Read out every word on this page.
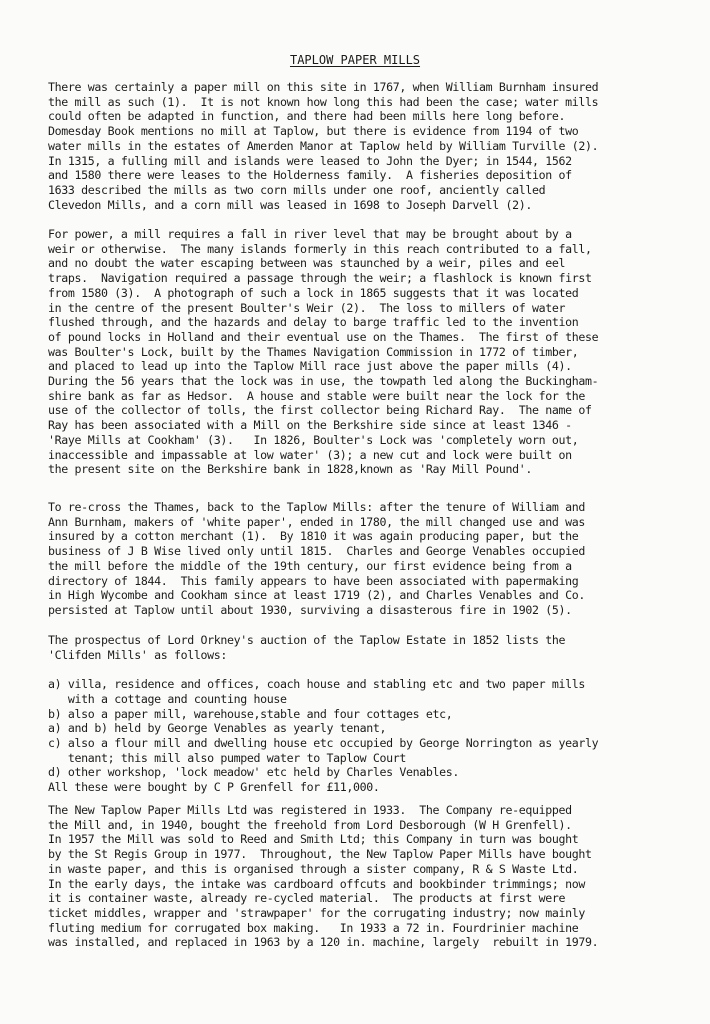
TAPLOW PAPER MILLS
There was certainly a paper mill on this site in 1767, when William Burnham insured
the mill as such (1).  It is not known how long this had been the case; water mills
could often be adapted in function, and there had been mills here long before.
Domesday Book mentions no mill at Taplow, but there is evidence from 1194 of two
water mills in the estates of Amerden Manor at Taplow held by William Turville (2).
In 1315, a fulling mill and islands were leased to John the Dyer; in 1544, 1562
and 1580 there were leases to the Holderness family.  A fisheries deposition of
1633 described the mills as two corn mills under one roof, anciently called
Clevedon Mills, and a corn mill was leased in 1698 to Joseph Darvell (2).
For power, a mill requires a fall in river level that may be brought about by a
weir or otherwise.  The many islands formerly in this reach contributed to a fall,
and no doubt the water escaping between was staunched by a weir, piles and eel
traps.  Navigation required a passage through the weir; a flashlock is known first
from 1580 (3).  A photograph of such a lock in 1865 suggests that it was located
in the centre of the present Boulter's Weir (2).  The loss to millers of water
flushed through, and the hazards and delay to barge traffic led to the invention
of pound locks in Holland and their eventual use on the Thames.  The first of these
was Boulter's Lock, built by the Thames Navigation Commission in 1772 of timber,
and placed to lead up into the Taplow Mill race just above the paper mills (4).
During the 56 years that the lock was in use, the towpath led along the Buckingham-
shire bank as far as Hedsor.  A house and stable were built near the lock for the
use of the collector of tolls, the first collector being Richard Ray.  The name of
Ray has been associated with a Mill on the Berkshire side since at least 1346 -
'Raye Mills at Cookham' (3).   In 1826, Boulter's Lock was 'completely worn out,
inaccessible and impassable at low water' (3); a new cut and lock were built on
the present site on the Berkshire bank in 1828,known as 'Ray Mill Pound'.
To re-cross the Thames, back to the Taplow Mills: after the tenure of William and
Ann Burnham, makers of 'white paper', ended in 1780, the mill changed use and was
insured by a cotton merchant (1).  By 1810 it was again producing paper, but the
business of J B Wise lived only until 1815.  Charles and George Venables occupied
the mill before the middle of the 19th century, our first evidence being from a
directory of 1844.  This family appears to have been associated with papermaking
in High Wycombe and Cookham since at least 1719 (2), and Charles Venables and Co.
persisted at Taplow until about 1930, surviving a disasterous fire in 1902 (5).
The prospectus of Lord Orkney's auction of the Taplow Estate in 1852 lists the
'Clifden Mills' as follows:

a) villa, residence and offices, coach house and stabling etc and two paper mills
with a cottage and counting house
b) also a paper mill, warehouse,stable and four cottages etc,
a) and b) held by George Venables as yearly tenant,
c) also a flour mill and dwelling house etc occupied by George Norrington as yearly
tenant; this mill also pumped water to Taplow Court
d) other workshop, 'lock meadow' etc held by Charles Venables.
All these were bought by C P Grenfell for £11,000.
The New Taplow Paper Mills Ltd was registered in 1933.  The Company re-equipped
the Mill and, in 1940, bought the freehold from Lord Desborough (W H Grenfell).
In 1957 the Mill was sold to Reed and Smith Ltd; this Company in turn was bought
by the St Regis Group in 1977.  Throughout, the New Taplow Paper Mills have bought
in waste paper, and this is organised through a sister company, R & S Waste Ltd.
In the early days, the intake was cardboard offcuts and bookbinder trimmings; now
it is container waste, already re-cycled material.  The products at first were
ticket middles, wrapper and 'strawpaper' for the corrugating industry; now mainly
fluting medium for corrugated box making.   In 1933 a 72 in. Fourdrinier machine
was installed, and replaced in 1963 by a 120 in. machine, largely  rebuilt in 1979.
